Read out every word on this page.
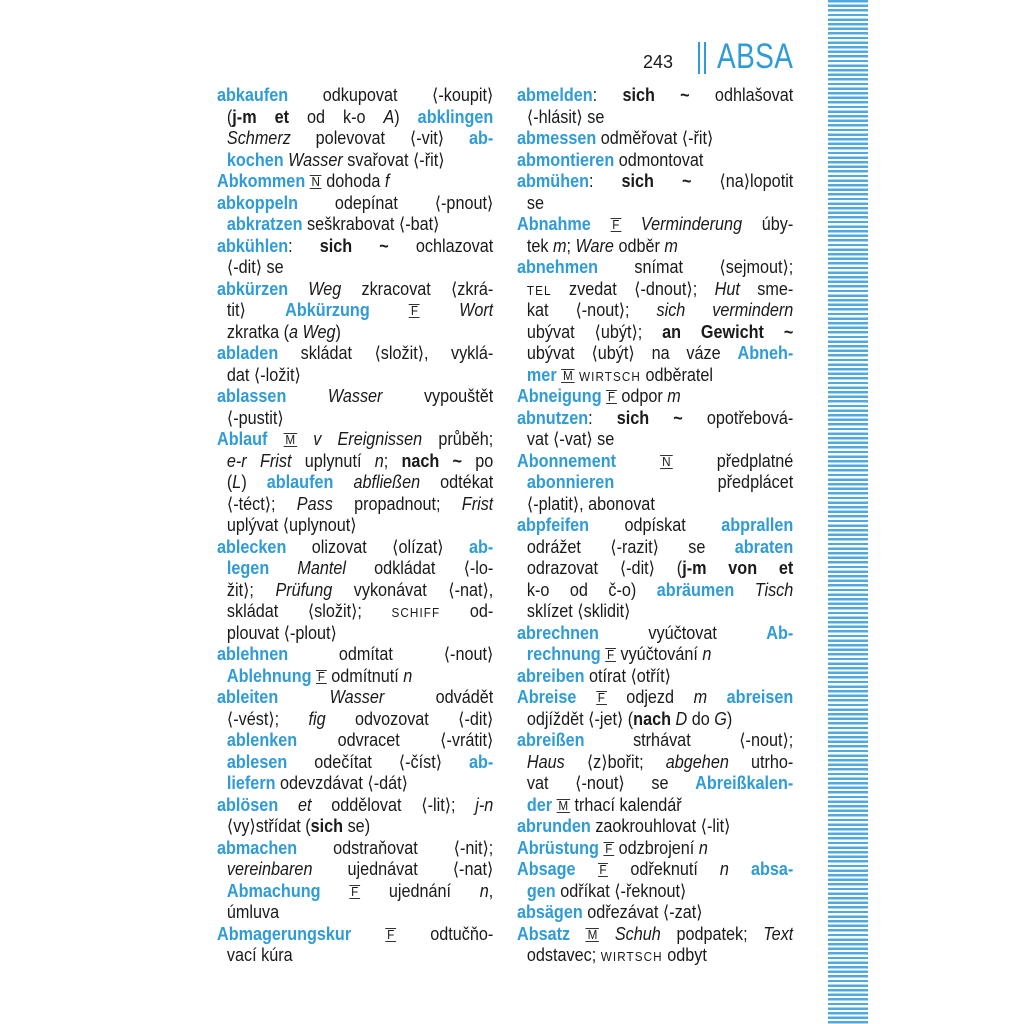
243 ABSA
abkaufen odkupovat ⟨-koupit⟩
(j-m et od k-o A) abklingen
Schmerz polevovat ⟨-vit⟩ ab-
kochen Wasser svařovat ⟨-řit⟩
Abkommen N dohoda f
abkoppeln odepínat ⟨-pnout⟩
abkratzen seškrabovat ⟨-bat⟩
abkühlen: sich ~ ochlazovat
⟨-dit⟩ se
abkürzen Weg zkracovat ⟨zkrá-
tit⟩ Abkürzung	F Wort
zkratka (a Weg)
abladen skládat ⟨složit⟩, vyklá-
dat ⟨-ložit⟩
ablassen Wasser vypouštět
⟨-pustit⟩
Ablauf M v Ereignissen průběh;
e-r Frist uplynutí n; nach ~ po
(L) ablaufen abfließen odtékat
⟨-téct⟩; Pass propadnout; Frist
uplývat ⟨uplynout⟩
ablecken olizovat ⟨olízat⟩ ab-
legen Mantel odkládat ⟨-lo-
žit⟩; Prüfung vykonávat ⟨-nat⟩,
skládat ⟨složit⟩; SCHIFF od-
plouvat ⟨-plout⟩
ablehnen odmítat ⟨-nout⟩
Ablehnung F odmítnutí n
ableiten	Wasser odvádět
⟨-vést⟩; fig odvozovat ⟨-dit⟩
ablenken odvracet ⟨-vrátit⟩
ablesen odečítat ⟨-číst⟩ ab-
liefern odevzdávat ⟨-dát⟩
ablösen et oddělovat ⟨-lit⟩; j-n
⟨vy⟩střídat (sich se)
abmachen odstraňovat ⟨-nit⟩;
vereinbaren ujednávat ⟨-nat⟩
Abmachung F ujednání n,
úmluva
Abmagerungskur	F odtučňo-
vací kúra
abmelden: sich ~ odhlašovat
⟨-hlásit⟩ se
abmessen odměřovat ⟨-řit⟩
abmontieren odmontovat
abmühen: sich ~ ⟨na⟩lopotit
se
Abnahme F Verminderung úby-
tek m; Ware odběr m
abnehmen snímat ⟨sejmout⟩;
TEL zvedat ⟨-dnout⟩; Hut sme-
kat ⟨-nout⟩; sich vermindern
ubývat ⟨ubýt⟩; an Gewicht ~
ubývat ⟨ubýt⟩ na váze Abneh-
mer M WIRTSCH odběratel
Abneigung F odpor m
abnutzen: sich ~ opotřebová-
vat ⟨-vat⟩ se
Abonnement	N předplatné
abonnieren předplácet
⟨-platit⟩, abonovat
abpfeifen odpískat abprallen
odrážet ⟨-razit⟩ se abraten
odrazovat ⟨-dit⟩ (j-m von et
k-o od č-o) abräumen Tisch
sklízet ⟨sklidit⟩
abrechnen vyúčtovat Ab-
rechnung F vyúčtování n
abreiben otírat ⟨otřít⟩
Abreise F odjezd m abreisen
odjíždět ⟨-jet⟩ (nach D do G)
abreißen strhávat ⟨-nout⟩;
Haus ⟨z⟩bořit; abgehen utrho-
vat ⟨-nout⟩ se Abreißkalen-
der M trhací kalendář
abrunden zaokrouhlovat ⟨-lit⟩
Abrüstung F odzbrojení n
Absage F odřeknutí n absa-
gen odříkat ⟨-řeknout⟩
absägen odřezávat ⟨-zat⟩
Absatz M Schuh podpatek; Text
odstavec; WIRTSCH odbyt
